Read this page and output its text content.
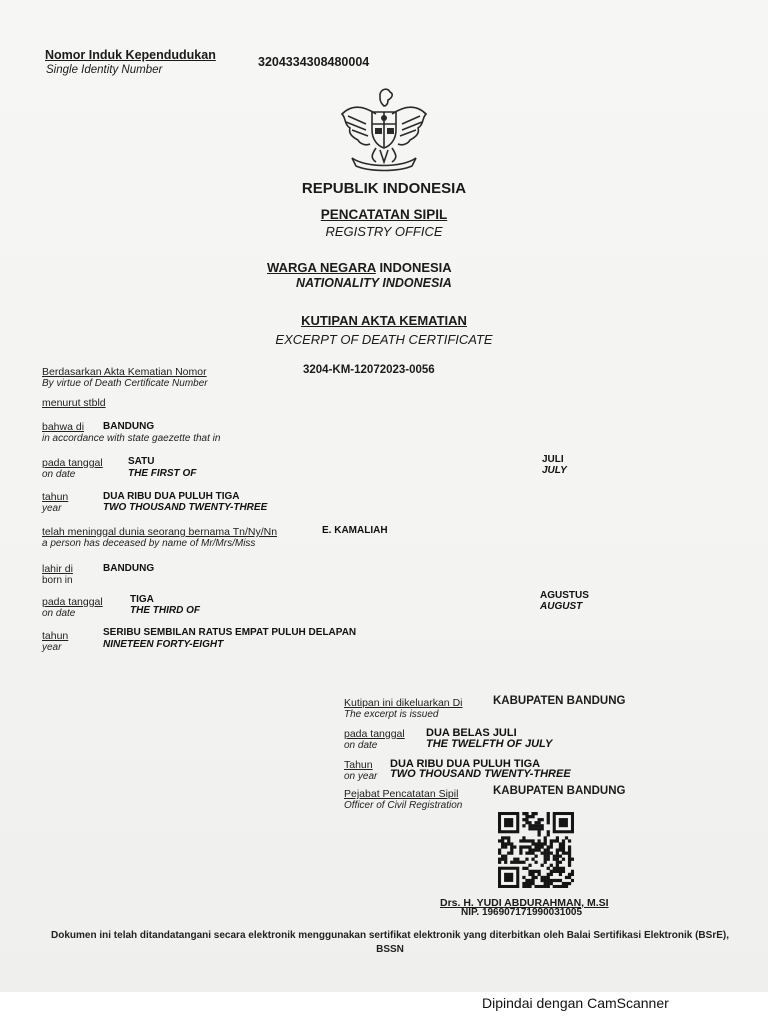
Nomor Induk Kependudukan
Single Identity Number
3204334308480004
REPUBLIK INDONESIA
PENCATATAN SIPIL
REGISTRY OFFICE
WARGA NEGARA INDONESIA
NATIONALITY INDONESIA
KUTIPAN AKTA KEMATIAN
EXCERPT OF DEATH CERTIFICATE
Berdasarkan Akta Kematian Nomor
By virtue of Death Certificate Number
3204-KM-12072023-0056
menurut stbld
bahwa di
in accordance with state gaezette that in
BANDUNG
pada tanggal
on date
SATU
THE FIRST OF
JULI
JULY
tahun
year
DUA RIBU DUA PULUH TIGA
TWO THOUSAND TWENTY-THREE
telah meninggal dunia seorang bernama Tn/Ny/Nn
a person has deceased by name of Mr/Mrs/Miss
E. KAMALIAH
lahir di
born in
BANDUNG
pada tanggal
on date
TIGA
THE THIRD OF
AGUSTUS
AUGUST
tahun
year
SERIBU SEMBILAN RATUS EMPAT PULUH DELAPAN
NINETEEN FORTY-EIGHT
Kutipan ini dikeluarkan Di
The excerpt is issued
KABUPATEN BANDUNG
pada tanggal
on date
DUA BELAS JULI
THE TWELFTH OF JULY
Tahun
on year
DUA RIBU DUA PULUH TIGA
TWO THOUSAND TWENTY-THREE
Pejabat Pencatatan Sipil
Officer of Civil Registration
KABUPATEN BANDUNG
Drs. H. YUDI ABDURAHMAN, M.SI
NIP. 196907171990031005
Dokumen ini telah ditandatangani secara elektronik menggunakan sertifikat elektronik yang diterbitkan oleh Balai Sertifikasi Elektronik (BSrE), BSSN
Dipindai dengan CamScanner
